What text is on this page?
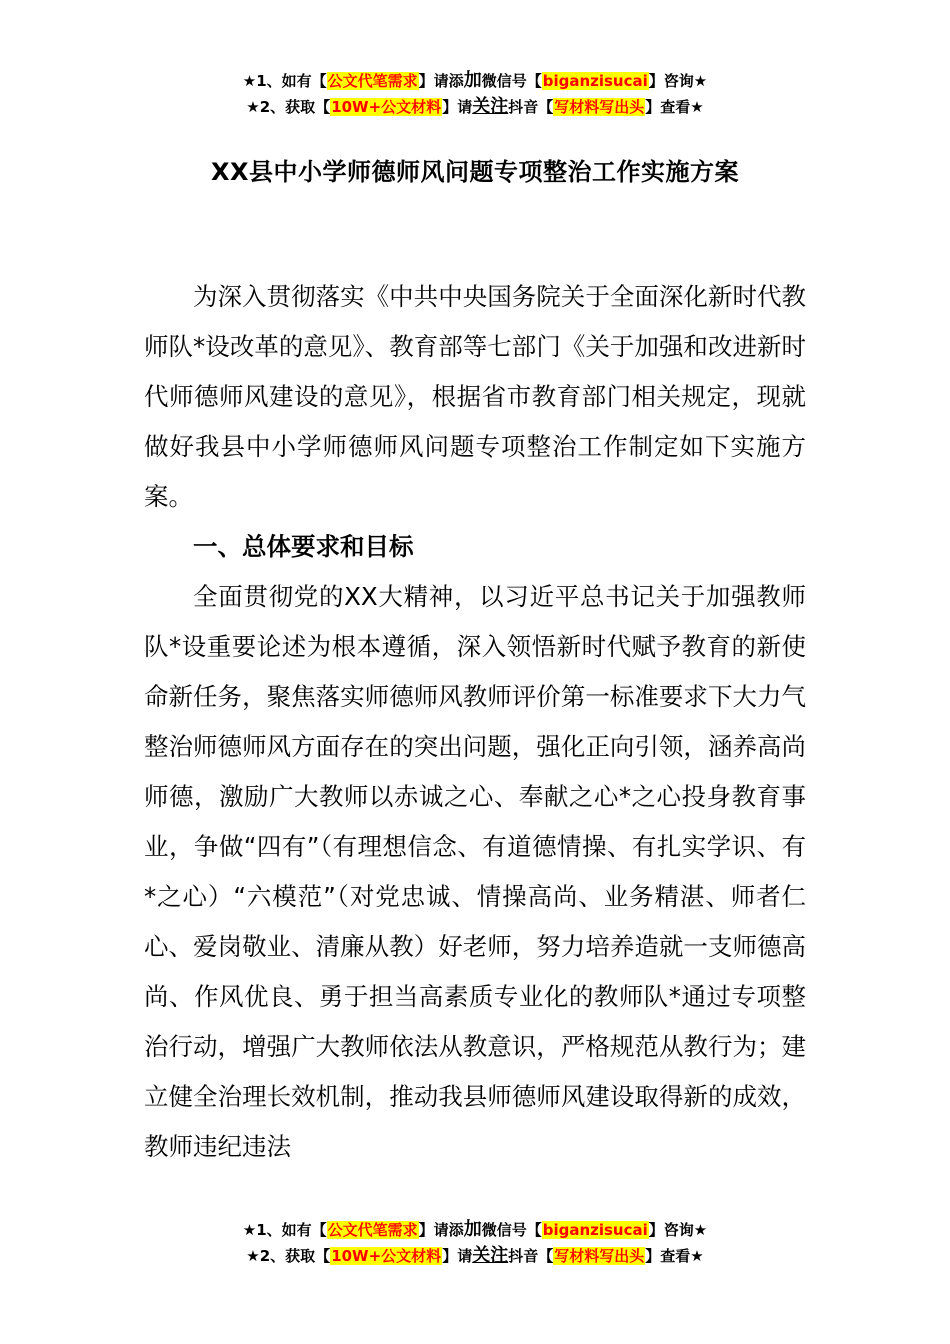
★1、如有【公文代笔需求】请添加微信号【biganzisucai】咨询★
★2、获取【10W+公文材料】请关注抖音【写材料写出头】查看★
XX县中小学师德师风问题专项整治工作实施方案

为深入贯彻落实《中共中央国务院关于全面深化新时代教师队*设改革的意见》、教育部等七部门《关于加强和改进新时代师德师风建设的意见》，根据省市教育部门相关规定，现就做好我县中小学师德师风问题专项整治工作制定如下实施方案。

一、总体要求和目标

全面贯彻党的XX大精神，以习近平总书记关于加强教师队*设重要论述为根本遵循，深入领悟新时代赋予教育的新使命新任务，聚焦落实师德师风教师评价第一标准要求下大力气整治师德师风方面存在的突出问题，强化正向引领，涵养高尚师德，激励广大教师以赤诚之心、奉献之心*之心投身教育事业，争做“四有”（有理想信念、有道德情操、有扎实学识、有*之心）“六模范”（对党忠诚、情操高尚、业务精湛、师者仁心、爱岗敬业、清廉从教）好老师，努力培养造就一支师德高尚、作风优良、勇于担当高素质专业化的教师队*通过专项整治行动，增强广大教师依法从教意识，严格规范从教行为；建立健全治理长效机制，推动我县师德师风建设取得新的成效，教师违纪违法

★1、如有【公文代笔需求】请添加微信号【biganzisucai】咨询★
★2、获取【10W+公文材料】请关注抖音【写材料写出头】查看★
